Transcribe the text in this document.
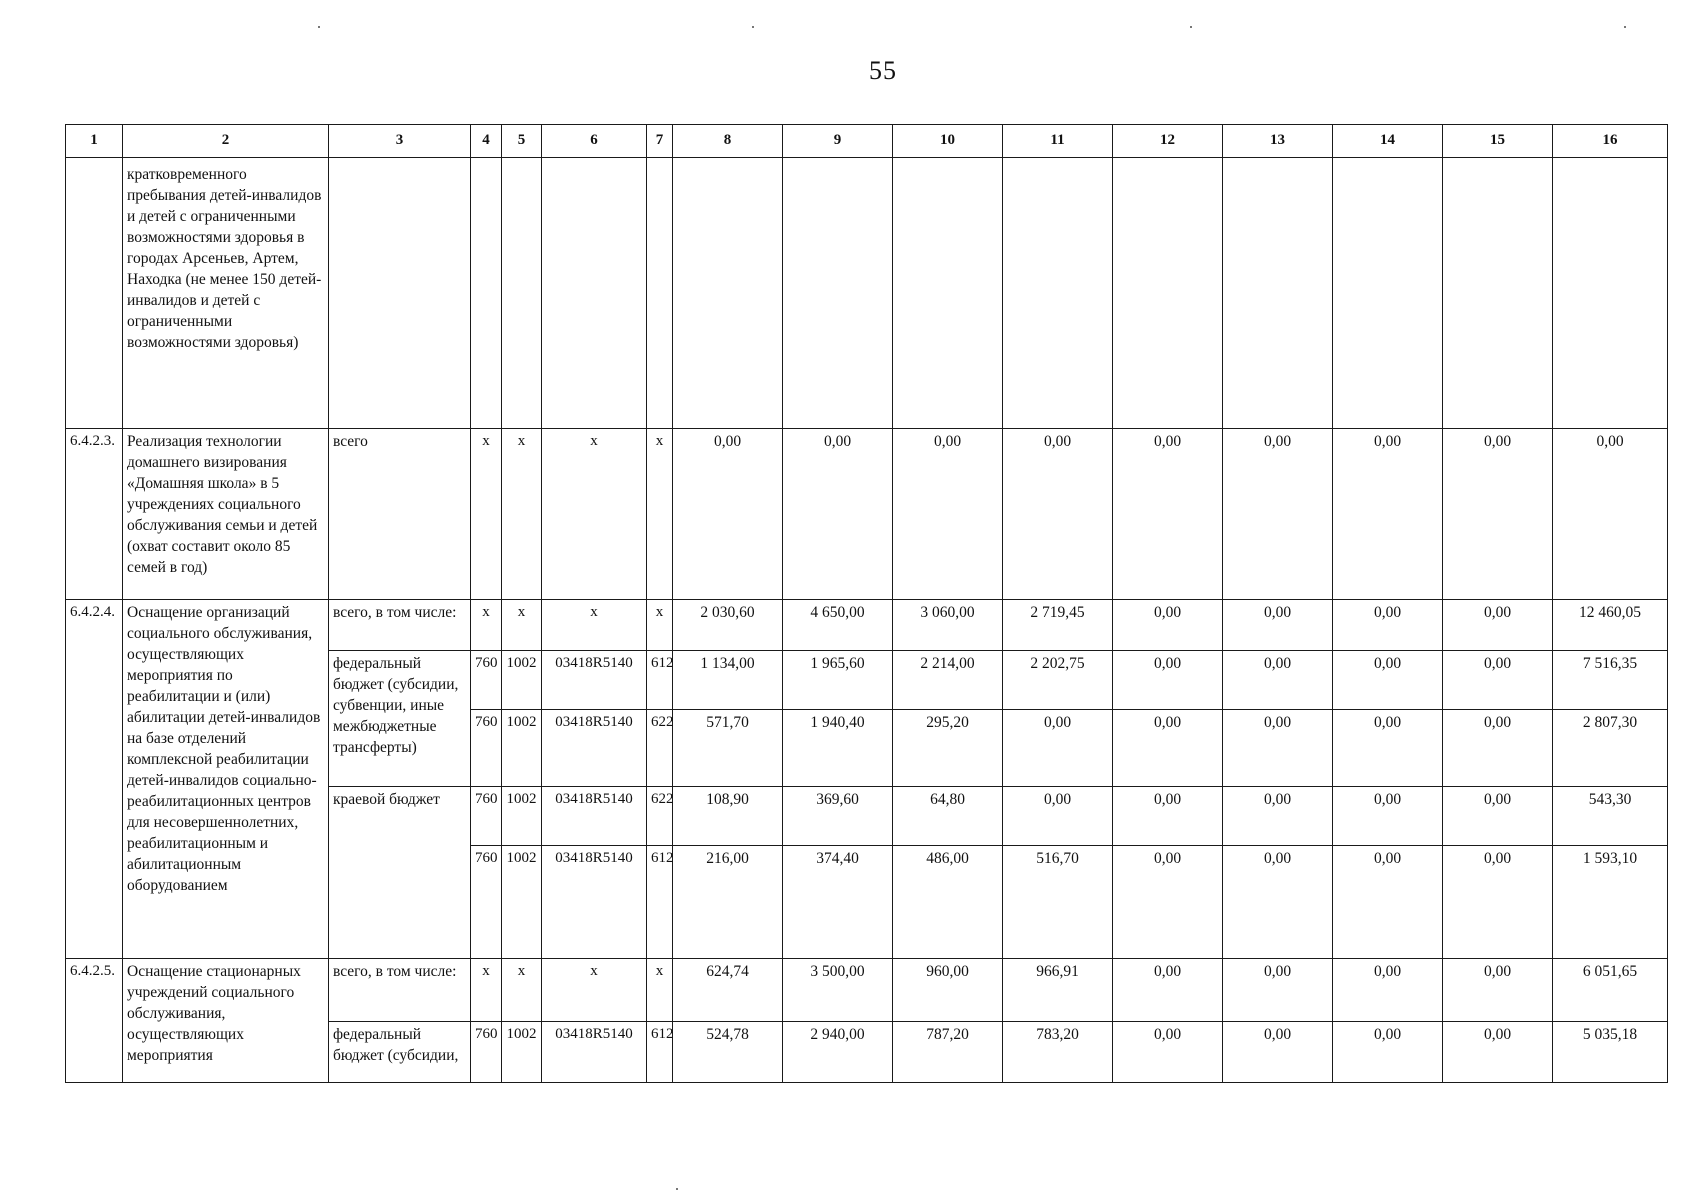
55
1	2	3	4	5	6	7	8	9	10	11	12	13	14	15	16
	кратковременного пребывания детей-инвалидов и детей с ограниченными возможностями здоровья в городах Арсеньев, Артем, Находка (не менее 150 детей-инвалидов и детей с ограниченными возможностями здоровья)														
6.4.2.3.	Реализация технологии домашнего визирования «Домашняя школа» в 5 учреждениях социального обслуживания семьи и детей (охват составит около 85 семей в год)	всего	x	x	x	x	0,00	0,00	0,00	0,00	0,00	0,00	0,00	0,00	0,00
6.4.2.4.	Оснащение организаций социального обслуживания, осуществляющих мероприятия по реабилитации и (или) абилитации детей-инвалидов на базе отделений комплексной реабилитации детей-инвалидов социально-реабилитационных центров для несовершеннолетних, реабилитационным и абилитационным оборудованием	всего, в том числе:	x	x	x	x	2 030,60	4 650,00	3 060,00	2 719,45	0,00	0,00	0,00	0,00	12 460,05
		федеральный бюджет (субсидии, субвенции, иные межбюджетные трансферты)	760	1002	03418R5140	612	1 134,00	1 965,60	2 214,00	2 202,75	0,00	0,00	0,00	0,00	7 516,35
			760	1002	03418R5140	622	571,70	1 940,40	295,20	0,00	0,00	0,00	0,00	0,00	2 807,30
		краевой бюджет	760	1002	03418R5140	622	108,90	369,60	64,80	0,00	0,00	0,00	0,00	0,00	543,30
			760	1002	03418R5140	612	216,00	374,40	486,00	516,70	0,00	0,00	0,00	0,00	1 593,10
6.4.2.5.	Оснащение стационарных учреждений социального обслуживания, осуществляющих мероприятия	всего, в том числе:	x	x	x	x	624,74	3 500,00	960,00	966,91	0,00	0,00	0,00	0,00	6 051,65
		федеральный бюджет (субсидии,	760	1002	03418R5140	612	524,78	2 940,00	787,20	783,20	0,00	0,00	0,00	0,00	5 035,18
